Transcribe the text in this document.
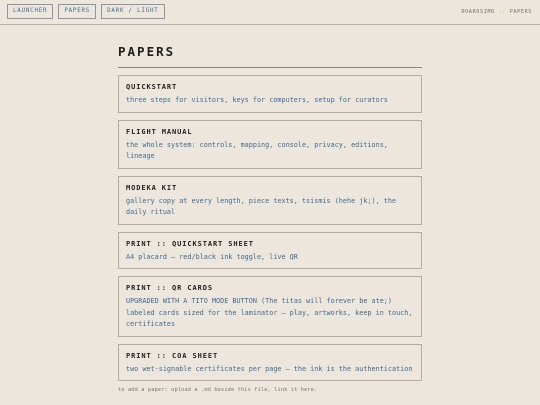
LAUNCHER	PAPERS	DARK / LIGHT	DOAKOSIMO :: PAPERS
PAPERS
QUICKSTART
three steps for visitors, keys for computers, setup for curators
FLIGHT MANUAL
the whole system: controls, mapping, console, privacy, editions, lineage
MODEKA KIT
gallery copy at every length, piece texts, tsismis (hehe jk;), the daily ritual
PRINT :: QUICKSTART SHEET
A4 placard — red/black ink toggle, live QR
PRINT :: QR CARDS
UPGRADED WITH A TITO MODE BUTTON (The titas will forever be ate;) labeled cards sized for the laminator — play, artworks, keep in touch, certificates
PRINT :: COA SHEET
two wet-signable certificates per page — the ink is the authentication
to add a paper: upload a .md beside this file, link it here.
